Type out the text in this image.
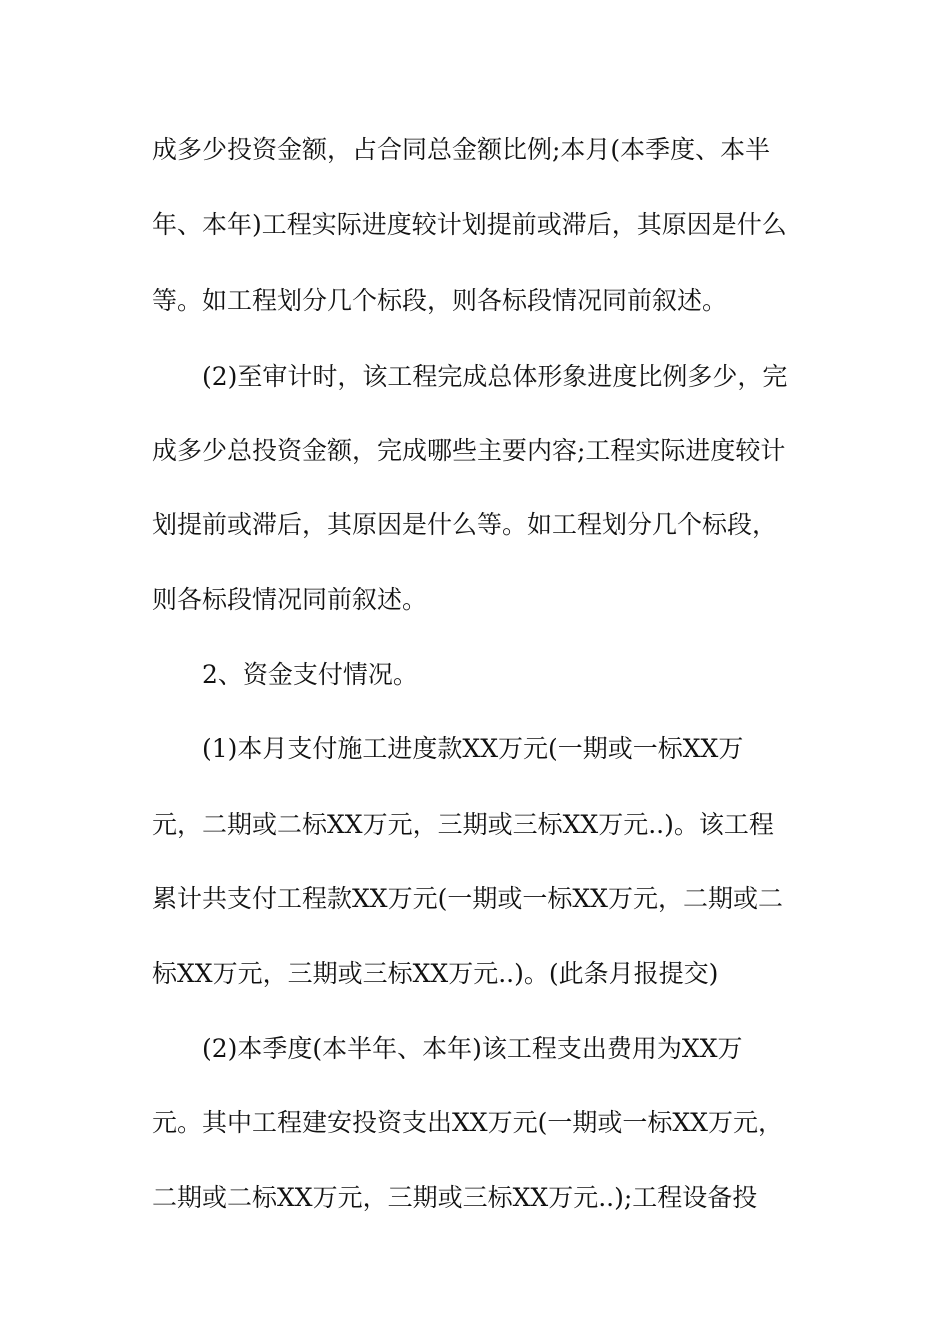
成多少投资金额，占合同总金额比例;本月(本季度、本半
年、本年)工程实际进度较计划提前或滞后，其原因是什么
等。如工程划分几个标段，则各标段情况同前叙述。
(2)至审计时，该工程完成总体形象进度比例多少，完
成多少总投资金额，完成哪些主要内容;工程实际进度较计
划提前或滞后，其原因是什么等。如工程划分几个标段，
则各标段情况同前叙述。
2、资金支付情况。
(1)本月支付施工进度款XX万元(一期或一标XX万
元，二期或二标XX万元，三期或三标XX万元..)。该工程
累计共支付工程款XX万元(一期或一标XX万元，二期或二
标XX万元，三期或三标XX万元..)。(此条月报提交)
(2)本季度(本半年、本年)该工程支出费用为XX万
元。其中工程建安投资支出XX万元(一期或一标XX万元，
二期或二标XX万元，三期或三标XX万元..);工程设备投
